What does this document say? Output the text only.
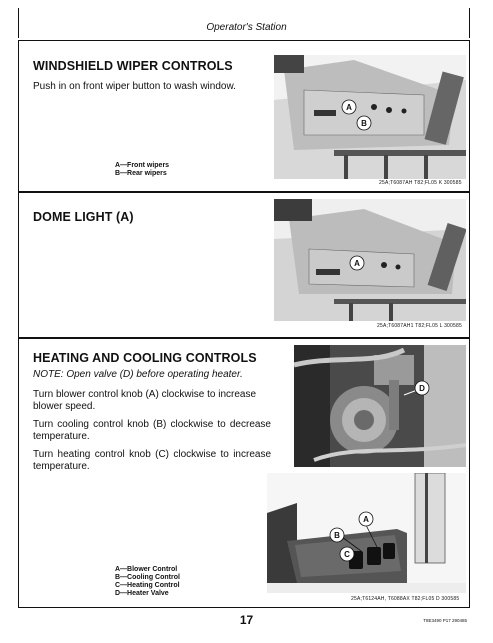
Operator's Station
WINDSHIELD WIPER CONTROLS
Push in on front wiper button to wash window.
A—Front wipers
B—Rear wipers
A
B
25A;T6087AH T82;FL05 K 300585
DOME LIGHT (A)
A
25A;T6087AH1 T82;FL05 L 300585
HEATING AND COOLING CONTROLS
NOTE: Open valve (D) before operating heater.
Turn blower control knob (A) clockwise to increase blower speed.
Turn cooling control knob (B) clockwise to decrease temperature.
Turn heating control knob (C) clockwise to increase temperature.
A—Blower Control
B—Cooling Control
C—Heating Control
D—Heater Valve
D
B
A
C
25A;T6124AH, T6088AX T82;FL05 D 300585
17	T8E3490 P17 290485
